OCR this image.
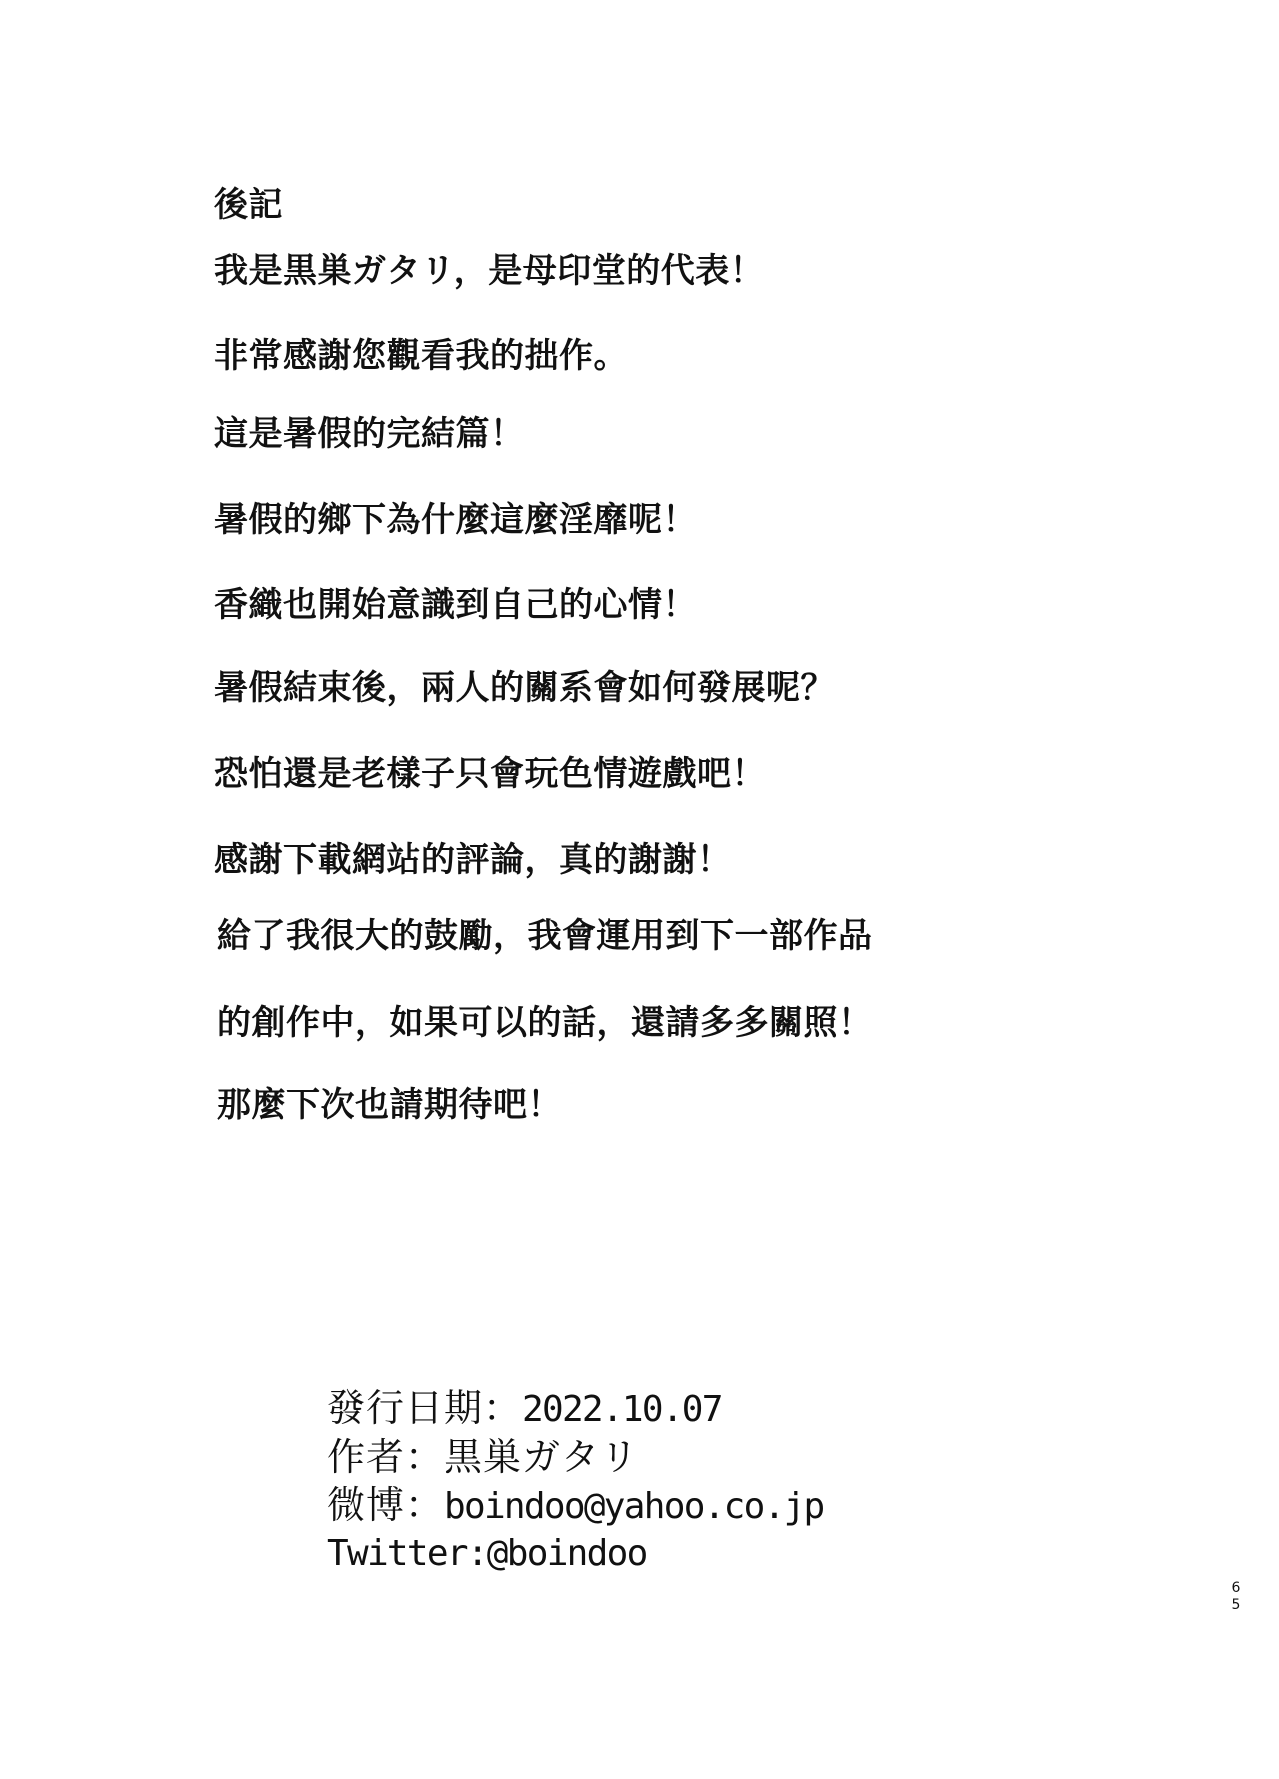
後記
我是黒巣ガタリ，是母印堂的代表！
非常感謝您觀看我的拙作。
這是暑假的完結篇！
暑假的鄉下為什麼這麼淫靡呢！
香織也開始意識到自己的心情！
暑假結束後，兩人的關系會如何發展呢？
恐怕還是老樣子只會玩色情遊戲吧！
感謝下載網站的評論，真的謝謝！
給了我很大的鼓勵，我會運用到下一部作品
的創作中，如果可以的話，還請多多關照！
那麼下次也請期待吧！
發行日期： 2022.10.07
作者： 黒巣ガタリ
微博： boindoo@yahoo.co.jp
Twitter:@boindoo
65
